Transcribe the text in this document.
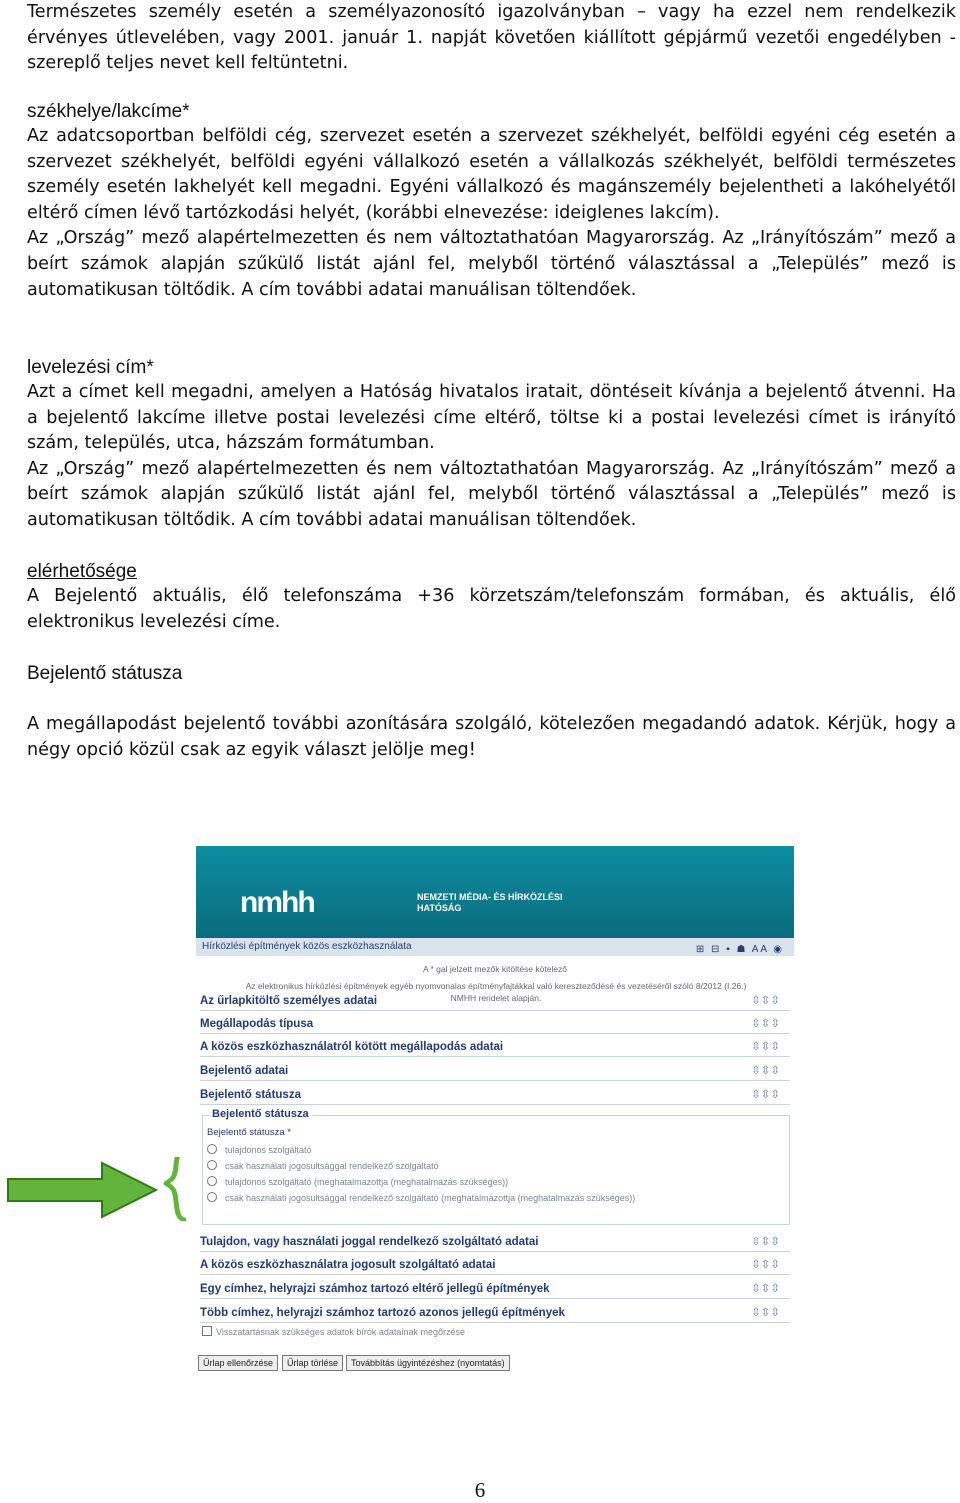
Természetes személy esetén a személyazonosító igazolványban – vagy ha ezzel nem rendelkezik érvényes útlevelében, vagy 2001. január 1. napját követően kiállított gépjármű vezetői engedélyben - szereplő teljes nevet kell feltüntetni.

székhelye/lakcíme*

Az adatcsoportban belföldi cég, szervezet esetén a szervezet székhelyét, belföldi egyéni cég esetén a szervezet székhelyét, belföldi egyéni vállalkozó esetén a vállalkozás székhelyét, belföldi természetes személy esetén lakhelyét kell megadni. Egyéni vállalkozó és magánszemély bejelentheti a lakóhelyétől eltérő címen lévő tartózkodási helyét, (korábbi elnevezése: ideiglenes lakcím).

Az „Ország” mező alapértelmezetten és nem változtathatóan Magyarország. Az „Irányítószám” mező a beírt számok alapján szűkülő listát ajánl fel, melyből történő választással a „Település” mező is automatikusan töltődik. A cím további adatai manuálisan töltendőek.

levelezési cím*

Azt a címet kell megadni, amelyen a Hatóság hivatalos iratait, döntéseit kívánja a bejelentő átvenni. Ha a bejelentő lakcíme illetve postai levelezési címe eltérő, töltse ki a postai levelezési címet is irányító szám, település, utca, házszám formátumban.

Az „Ország” mező alapértelmezetten és nem változtathatóan Magyarország. Az „Irányítószám” mező a beírt számok alapján szűkülő listát ajánl fel, melyből történő választással a „Település” mező is automatikusan töltődik. A cím további adatai manuálisan töltendőek.

elérhetősége

A Bejelentő aktuális, élő telefonszáma +36 körzetszám/telefonszám formában, és aktuális, élő elektronikus levelezési címe.

Bejelentő státusza

A megállapodást bejelentő további azonítására szolgáló, kötelezően megadandó adatok. Kérjük, hogy a négy opció közül csak az egyik választ jelölje meg!

nmhh	NEMZETI MÉDIA- ÉS HÍRKÖZLÉSI HATÓSÁG
Hírközlési építmények közös eszközhasználata	⊞ ⊟ ▪ ☗ AA ◉
A * gal jelzett mezők kitöltése kötelező
Az elektronikus hírközlési építmények egyéb nyomvonalas építményfajtákkal való kereszteződésé és vezetéséről szóló 8/2012 (I.26.) NMHH rendelet alapján.
Az űrlapkitöltő személyes adatai	⇳⇳⇳
Megállapodás típusa	⇳⇳⇳
A közös eszközhasználatról kötött megállapodás adatai	⇳⇳⇳
Bejelentő adatai	⇳⇳⇳
Bejelentő státusza	⇳⇳⇳
Bejelentő státusza
Bejelentő státusza *
tulajdonos szolgáltató
csak használati jogosultsággal rendelkező szolgáltató
tulajdonos szolgáltató (meghatalmazottja (meghatalmazás szükséges))
csak használati jogosultsággal rendelkező szolgáltató (meghatalmazottja (meghatalmazás szükséges))
Tulajdon, vagy használati joggal rendelkező szolgáltató adatai	⇳⇳⇳
A közös eszközhasználatra jogosult szolgáltató adatai	⇳⇳⇳
Egy címhez, helyrajzi számhoz tartozó eltérő jellegű építmények	⇳⇳⇳
Több címhez, helyrajzi számhoz tartozó azonos jellegű építmények	⇳⇳⇳
Visszatartásnak szükséges adatok bírók adatainak megőrzése
Űrlap ellenőrzése	Űrlap törlése	Továbbítás ügyintézéshez (nyomtatás)
6
